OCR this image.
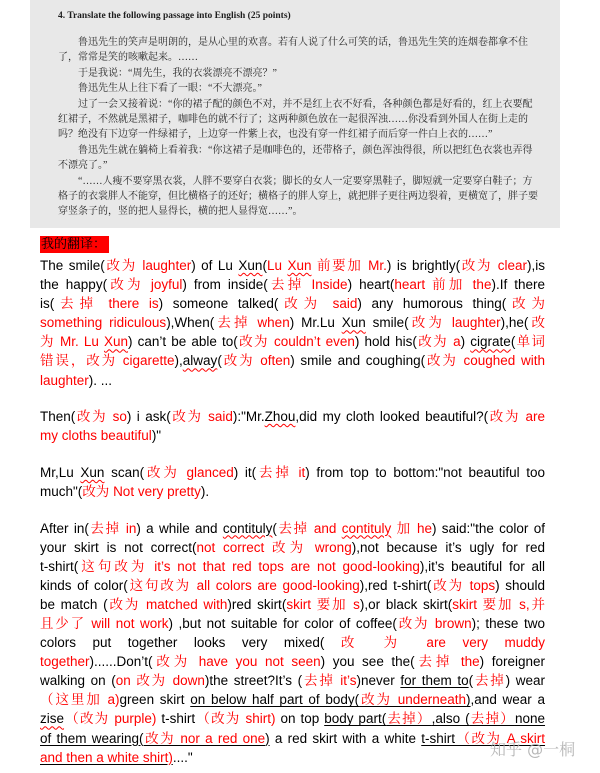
4. Translate the following passage into English (25 points)
鲁迅先生的笑声是明朗的，是从心里的欢喜。若有人说了什么可笑的话，鲁迅先生笑的连烟卷都拿不住
了，常常是笑的咳嗽起来。……
于是我说：“周先生，我的衣裳漂亮不漂亮？”
鲁迅先生从上往下看了一眼：“不大漂亮。”
过了一会又接着说：“你的裙子配的颜色不对，并不是红上衣不好看，各种颜色都是好看的，红上衣要配
红裙子，不然就是黑裙子，咖啡色的就不行了；这两种颜色放在一起很浑浊……你没看到外国人在街上走的
吗？绝没有下边穿一件绿裙子，上边穿一件紫上衣，也没有穿一件红裙子而后穿一件白上衣的……”
鲁迅先生就在躺椅上看着我：“你这裙子是咖啡色的，还带格子，颜色浑浊得很，所以把红色衣裳也弄得
不漂亮了。”
“……人瘦不要穿黑衣裳，人胖不要穿白衣裳；脚长的女人一定要穿黑鞋子，脚短就一定要穿白鞋子；方
格子的衣裳胖人不能穿，但比横格子的还好；横格子的胖人穿上，就把胖子更往两边裂着，更横宽了，胖子要
穿竖条子的，竖的把人显得长，横的把人显得宽……”。
我的翻译：
The smile(改为 laughter) of Lu Xun(Lu Xun 前要加 Mr.) is brightly(改为 clear),is
the happy(改为 joyful) from inside(去掉 Inside) heart(heart 前加 the).If there
is(去掉 there is) someone talked(改为 said) any humorous thing(改为
something ridiculous),When(去掉 when) Mr.Lu Xun smile(改为 laughter),he(改
为 Mr. Lu Xun) can’t be able to(改为 couldn’t even) hold his(改为 a) cigrate(单词
错误，改为 cigarette),alway(改为 often) smile and coughing(改为 coughed with
laughter). ...
Then(改为 so) i ask(改为 said):"Mr.Zhou,did my cloth looked beautiful?(改为 are
my cloths beautiful)"
Mr,Lu Xun scan(改为 glanced) it(去掉 it) from top to bottom:"not beautiful too
much"(改为 Not very pretty).
After in(去掉 in) a while and contituly(去掉 and contituly 加 he) said:"the color of
your skirt is not correct(not correct 改为 wrong),not because it’s ugly for red
t-shirt(这句改为 it’s not that red tops are not good-looking),it’s beautiful for all
kinds of color(这句改为 all colors are good-looking),red t-shirt(改为 tops) should
be match (改为 matched with)red skirt(skirt 要加 s),or black skirt(skirt 要加 s,并
且少了 will not work) ,but not suitable for color of coffee(改为 brown); these two
colors put together looks very mixed( 改 为 are very muddy
together)......Don’t(改为 have you not seen) you see the(去掉 the) foreigner
walking on (on 改为 down)the street?It’s (去掉 it’s)never for them to(去掉) wear
（这里加 a)green skirt on below half part of body(改为 underneath),and wear a
zise（改为 purple) t-shirt（改为 shirt) on top body part(去掉）,also (去掉）none
of them wearing(改为 nor a red one) a red skirt with a white t-shirt（改为 A skirt
and then a white shirt)...."	知乎 @一桐
